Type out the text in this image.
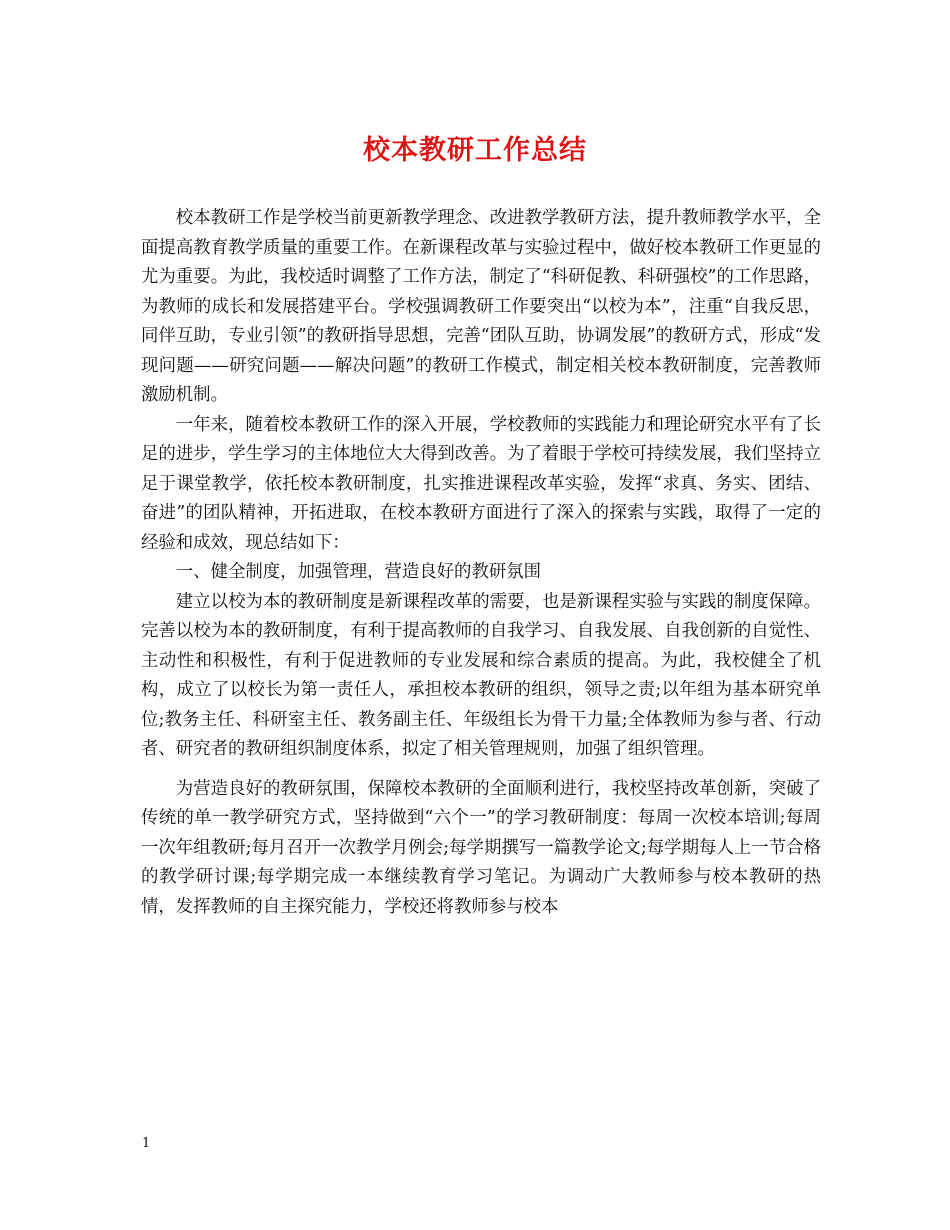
校本教研工作总结

校本教研工作是学校当前更新教学理念、改进教学教研方法，提升教师教学水平，全面提高教育教学质量的重要工作。在新课程改革与实验过程中，做好校本教研工作更显的尤为重要。为此，我校适时调整了工作方法，制定了“科研促教、科研强校”的工作思路，为教师的成长和发展搭建平台。学校强调教研工作要突出“以校为本”，注重“自我反思，同伴互助，专业引领”的教研指导思想，完善“团队互助，协调发展”的教研方式，形成“发现问题——研究问题——解决问题”的教研工作模式，制定相关校本教研制度，完善教师激励机制。

一年来，随着校本教研工作的深入开展，学校教师的实践能力和理论研究水平有了长足的进步，学生学习的主体地位大大得到改善。为了着眼于学校可持续发展，我们坚持立足于课堂教学，依托校本教研制度，扎实推进课程改革实验，发挥“求真、务实、团结、奋进”的团队精神，开拓进取，在校本教研方面进行了深入的探索与实践，取得了一定的经验和成效，现总结如下：

一、健全制度，加强管理，营造良好的教研氛围

建立以校为本的教研制度是新课程改革的需要，也是新课程实验与实践的制度保障。完善以校为本的教研制度，有利于提高教师的自我学习、自我发展、自我创新的自觉性、主动性和积极性，有利于促进教师的专业发展和综合素质的提高。为此，我校健全了机构，成立了以校长为第一责任人，承担校本教研的组织，领导之责;以年组为基本研究单位;教务主任、科研室主任、教务副主任、年级组长为骨干力量;全体教师为参与者、行动者、研究者的教研组织制度体系，拟定了相关管理规则，加强了组织管理。

为营造良好的教研氛围，保障校本教研的全面顺利进行，我校坚持改革创新，突破了传统的单一教学研究方式，坚持做到“六个一”的学习教研制度：每周一次校本培训;每周一次年组教研;每月召开一次教学月例会;每学期撰写一篇教学论文;每学期每人上一节合格的教学研讨课;每学期完成一本继续教育学习笔记。为调动广大教师参与校本教研的热情，发挥教师的自主探究能力，学校还将教师参与校本

1
